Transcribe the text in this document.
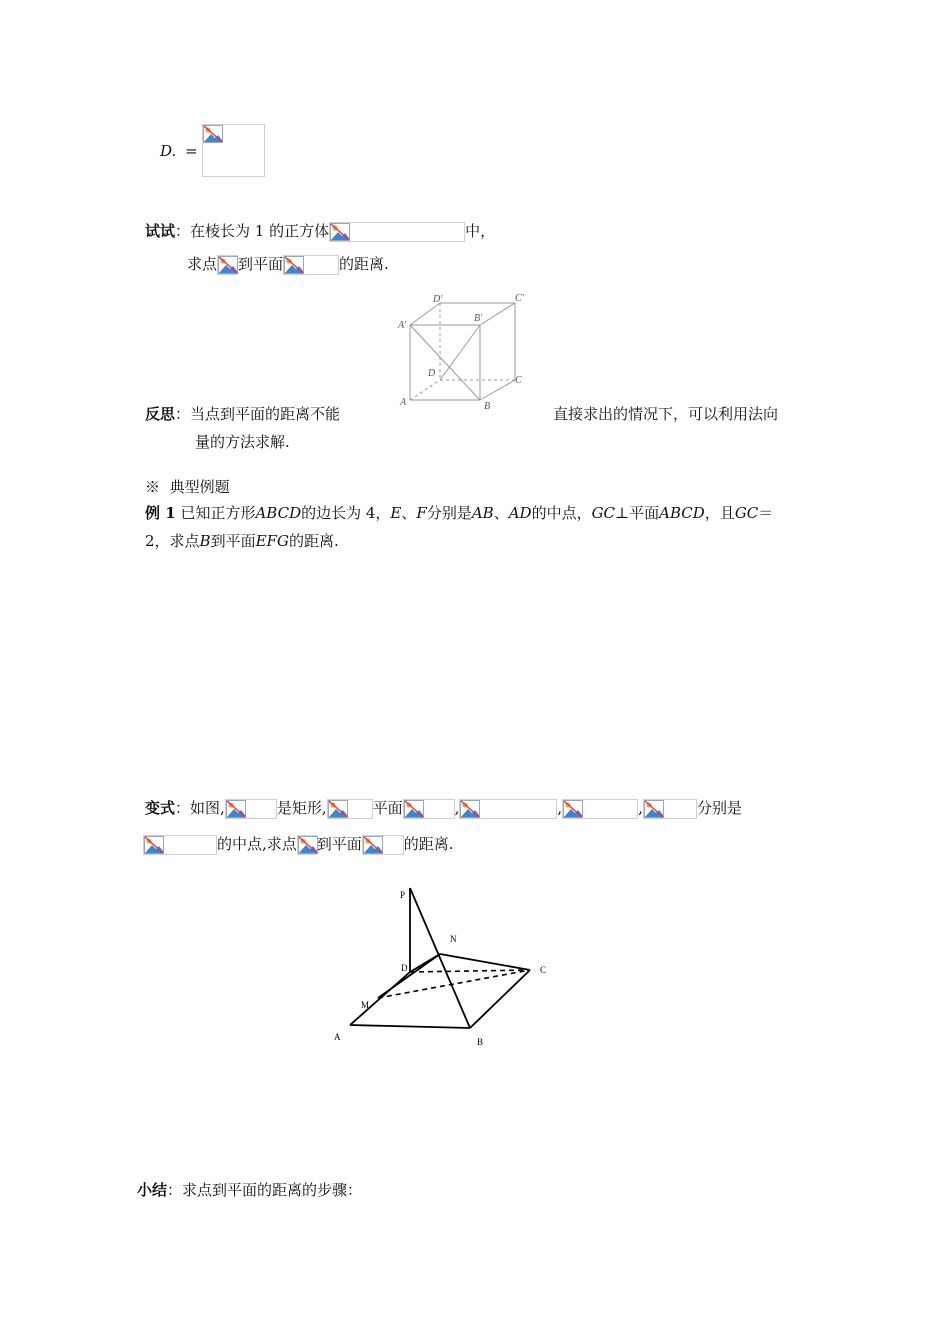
D. =
试试：在棱长为 1 的正方体	中，
求点 到平面	的距离.
D'	C'
A'
B'
D
C
A	B
反思：当点到平面的距离不能	直接求出的情况下，可以利用法向
量的方法求解.
※ 典型例题
例 1 已知正方形ABCD的边长为 4，E、F分别是AB、AD的中点，GC⊥平面ABCD，且GC＝
2，求点B到平面EFG的距离.
变式：如图,	是矩形,	平面	,	,	,	分别是
的中点,求点 到平面	的距离.
P
N
D	C
M
A	B
小结：求点到平面的距离的步骤：
